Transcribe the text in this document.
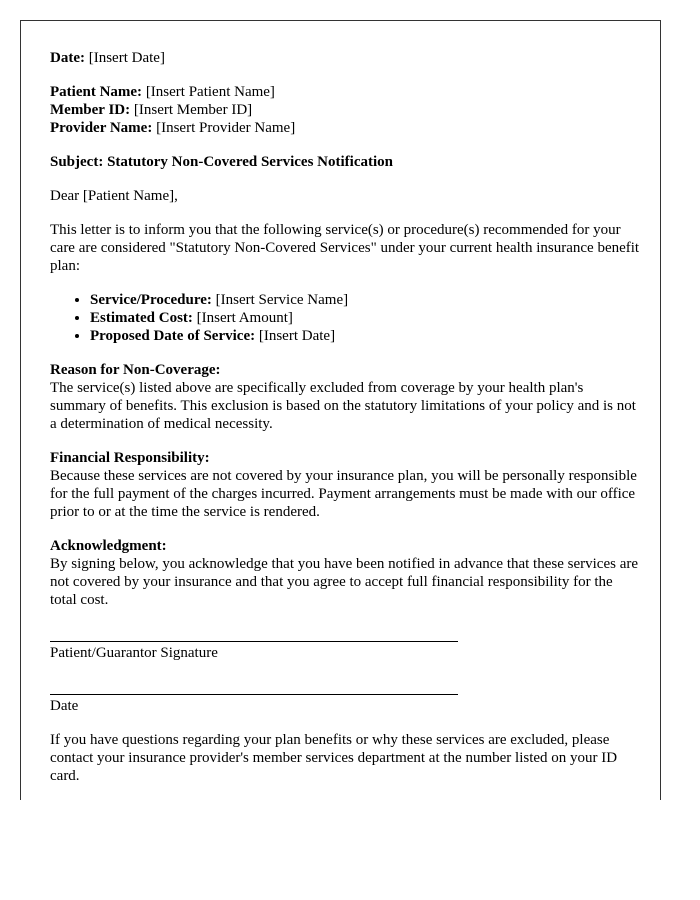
Date: [Insert Date]

Patient Name: [Insert Patient Name]

Member ID: [Insert Member ID]

Provider Name: [Insert Provider Name]

Subject: Statutory Non-Covered Services Notification

Dear [Patient Name],

This letter is to inform you that the following service(s) or procedure(s) recommended for your care are considered "Statutory Non-Covered Services" under your current health insurance benefit plan:

• Service/Procedure: [Insert Service Name]
• Estimated Cost: [Insert Amount]
• Proposed Date of Service: [Insert Date]

Reason for Non-Coverage:

The service(s) listed above are specifically excluded from coverage by your health plan's summary of benefits. This exclusion is based on the statutory limitations of your policy and is not a determination of medical necessity.

Financial Responsibility:

Because these services are not covered by your insurance plan, you will be personally responsible for the full payment of the charges incurred. Payment arrangements must be made with our office prior to or at the time the service is rendered.

Acknowledgment:

By signing below, you acknowledge that you have been notified in advance that these services are not covered by your insurance and that you agree to accept full financial responsibility for the total cost.

Patient/Guarantor Signature

Date

If you have questions regarding your plan benefits or why these services are excluded, please contact your insurance provider's member services department at the number listed on your ID card.
